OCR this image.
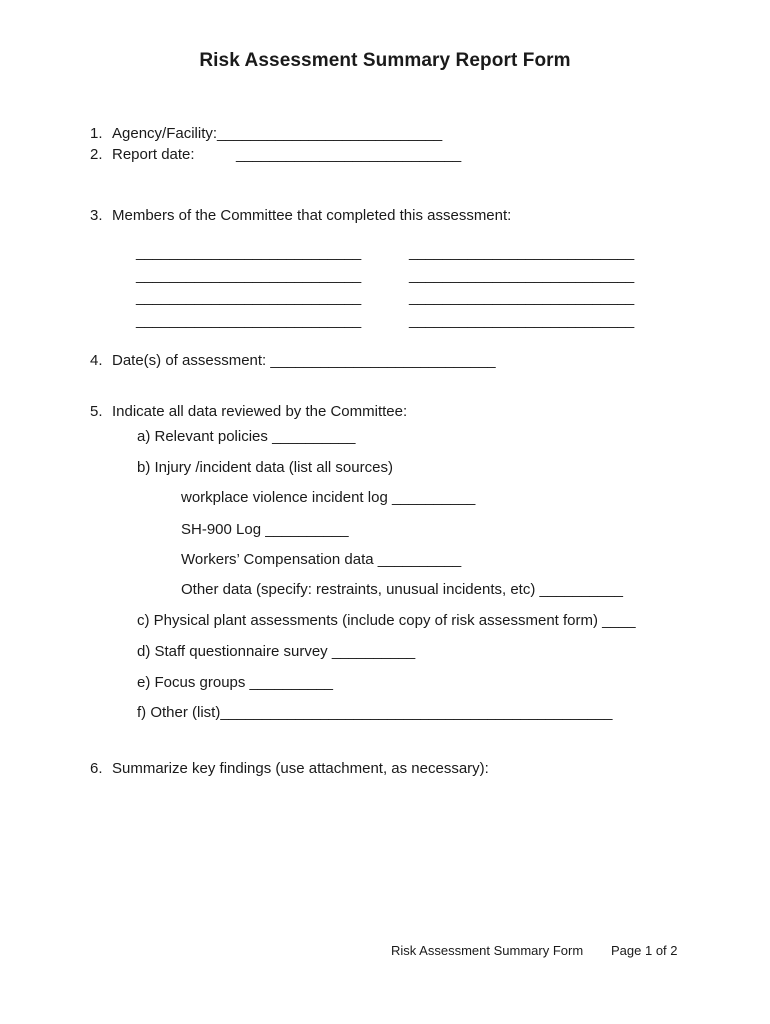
Risk Assessment Summary Report Form
1. Agency/Facility:___________________________
2. Report date:	___________________________
3. Members of the Committee that completed this assessment:
___________________________
___________________________
___________________________
___________________________
___________________________
___________________________
___________________________
___________________________
4. Date(s) of assessment: ___________________________
5. Indicate all data reviewed by the Committee:
a) Relevant policies __________
b) Injury /incident data (list all sources)
workplace violence incident log __________
SH-900 Log __________
Workers’ Compensation data __________
Other data (specify: restraints, unusual incidents, etc) __________
c) Physical plant assessments (include copy of risk assessment form) ____
d) Staff questionnaire survey __________
e) Focus groups __________
f) Other (list)_______________________________________________
6. Summarize key findings (use attachment, as necessary):
Risk Assessment Summary Form Page 1 of 2
